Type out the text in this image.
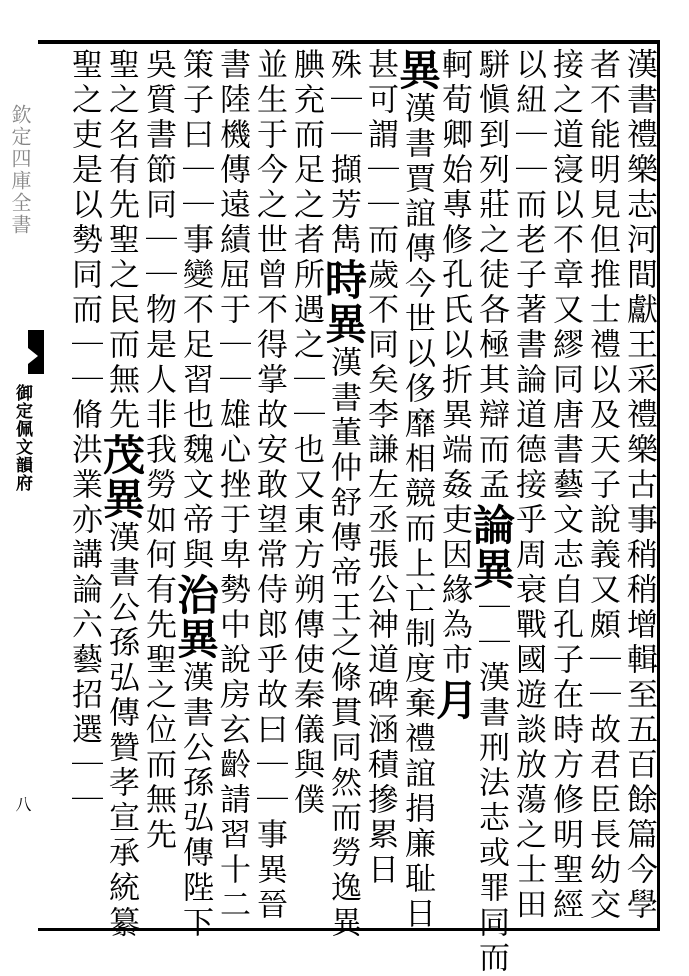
欽定四庫全書
御定佩文韻府
八	漢書禮樂志河間獻王采禮樂古事稍稍增輯至五百餘篇今學
者不能明見但推士禮以及天子說義又頗｜｜故君臣長幼交
接之道寖以不章又繆同唐書藝文志自孔子在時方修明聖經
以紐｜｜而老子著書論道德接乎周衰戰國遊談放蕩之士田
駢愼到列莊之徒各極其辯而孟論異｜｜漢書刑法志或罪同而
軻荀卿始專修孔氏以折異端姦吏因緣為市月
異漢書賈誼傳今世以侈靡相競而上亡制度棄禮誼捐廉耻日
甚可謂｜｜而歲不同矣李謙左丞張公神道碑涵積摻累日
殊｜｜擷芳雋時異漢書董仲舒傳帝王之條貫同然而勞逸異
腆充而足之者所遇之｜｜也又東方朔傳使秦儀與僕
並生于今之世曾不得掌故安敢望常侍郎乎故曰｜｜事異晉
書陸機傳遠績屈于｜｜雄心挫于卑勢中說房玄齡請習十二
策子曰｜｜事變不足習也魏文帝與治異漢書公孫弘傳陛下
吳質書節同｜｜物是人非我勞如何有先聖之位而無先
聖之名有先聖之民而無先茂異漢書公孫弘傳贊孝宣承統纂
聖之吏是以勢同而｜｜脩洪業亦講論六藝招選｜｜
